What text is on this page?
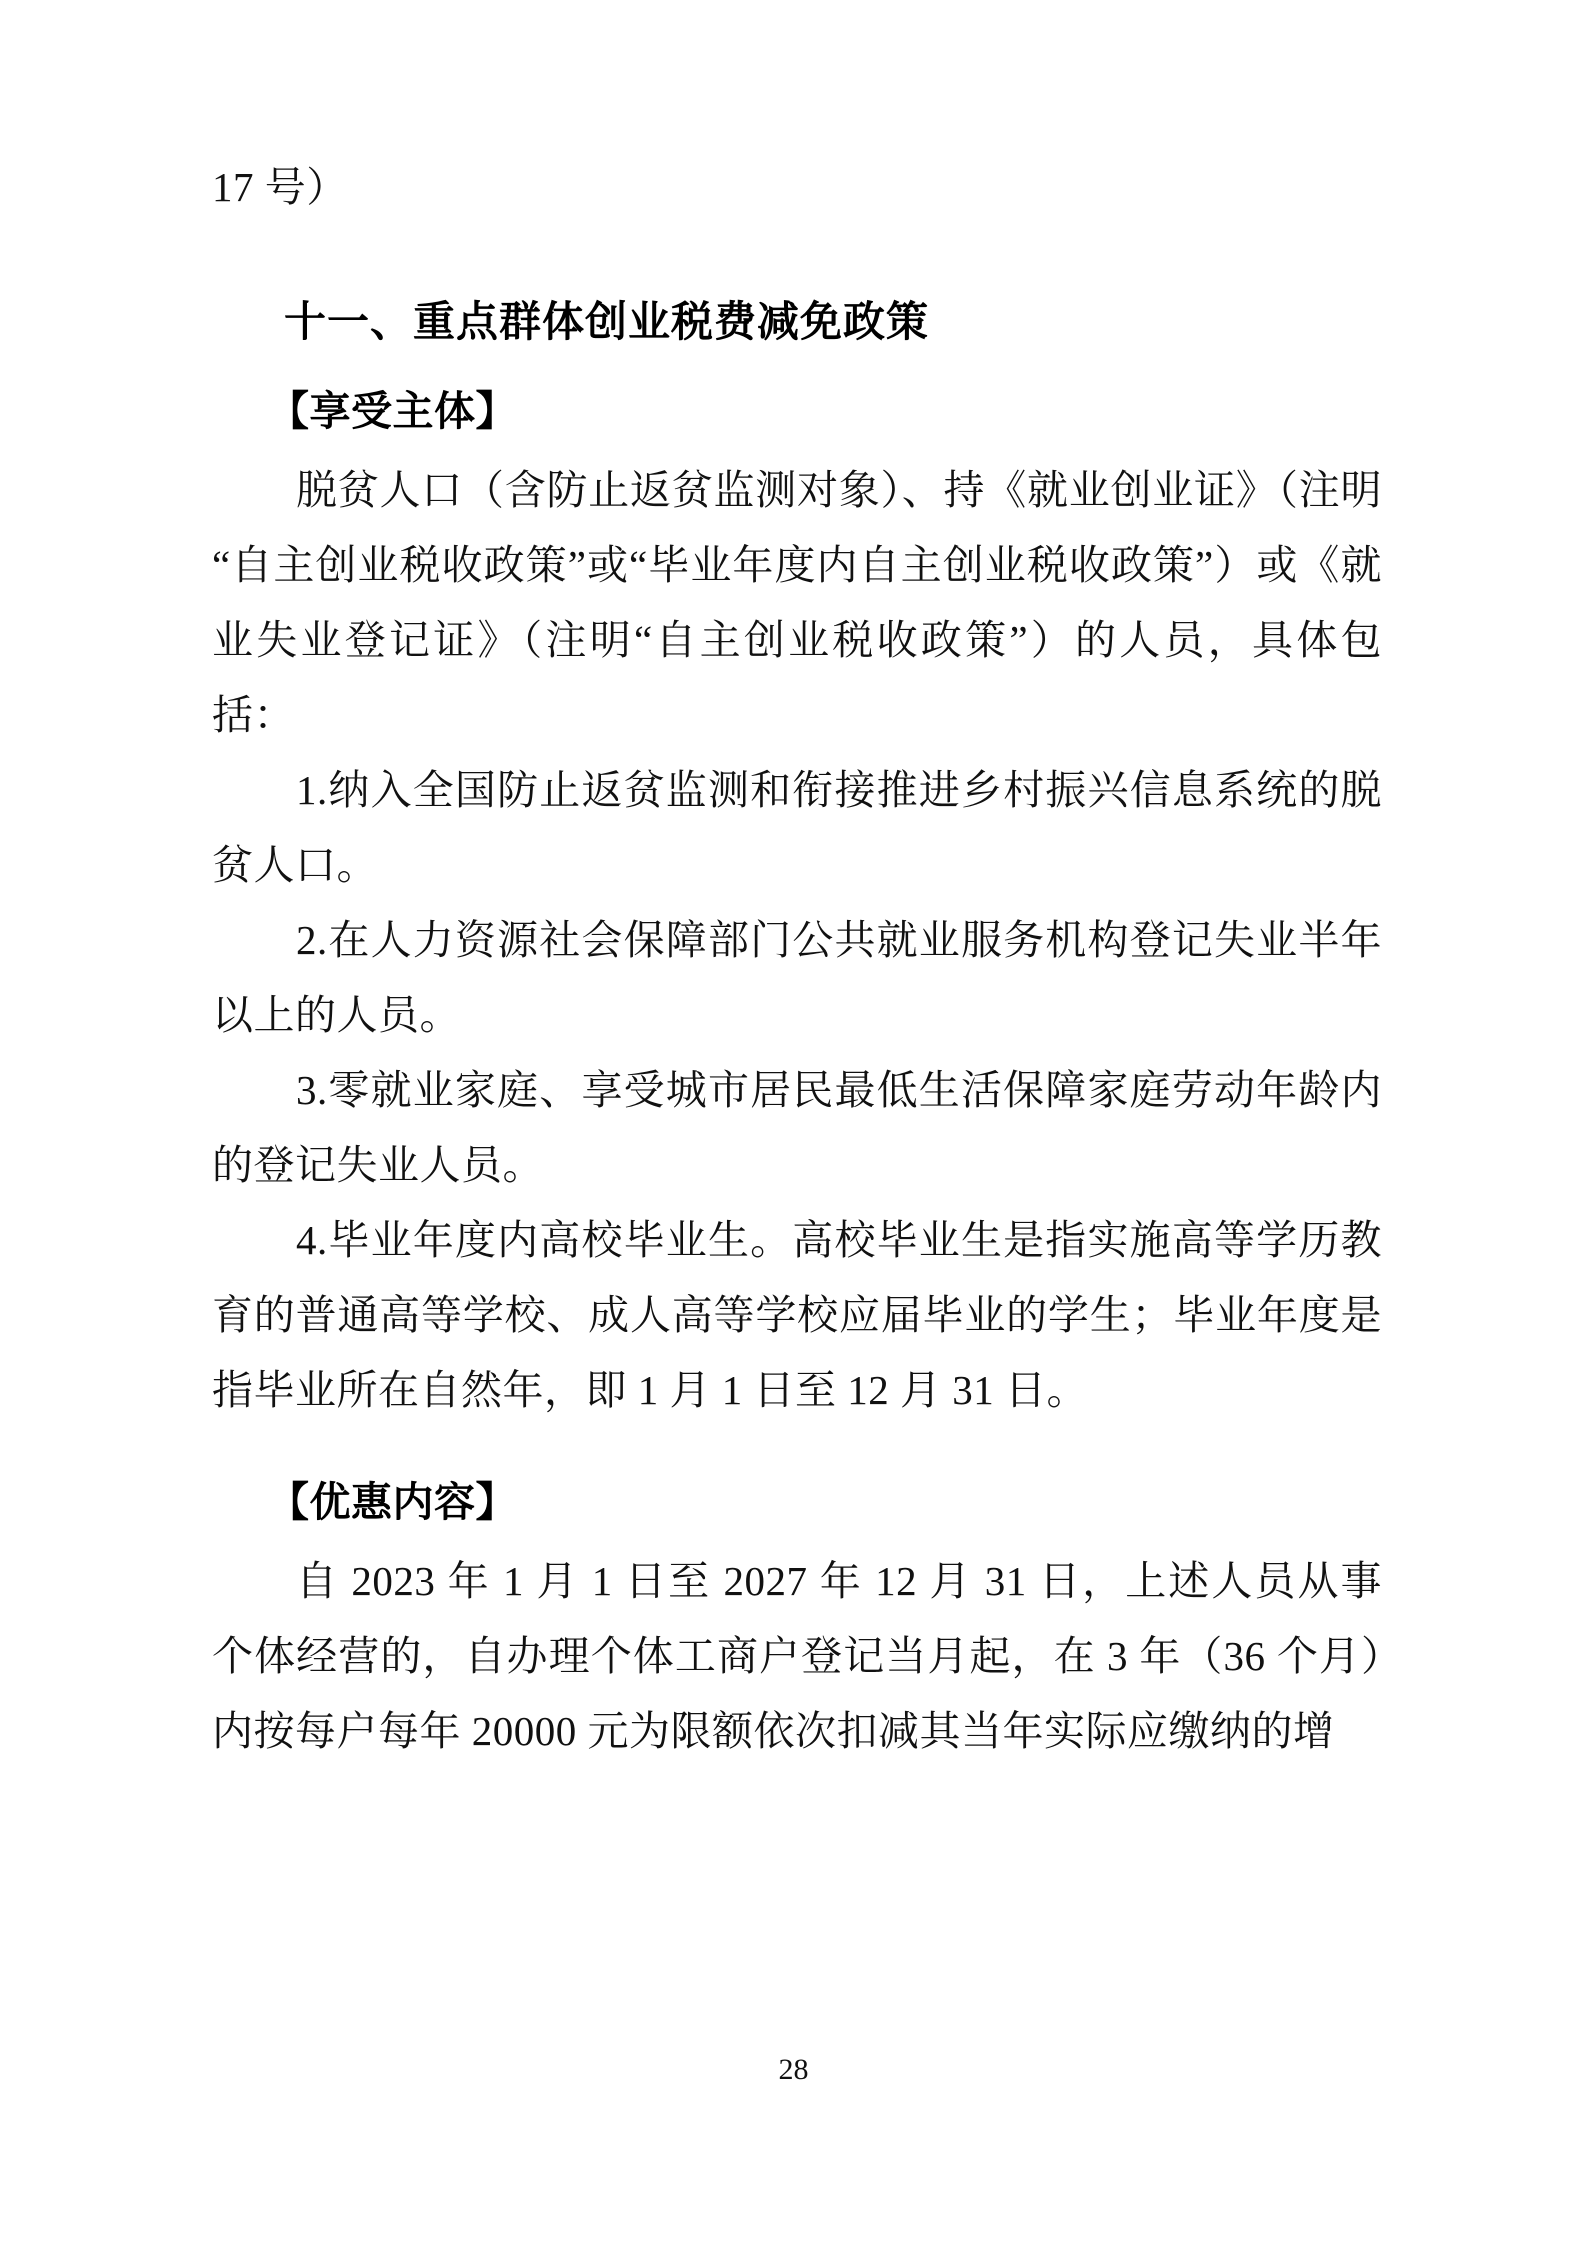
17 号）

十一、重点群体创业税费减免政策
【享受主体】

脱贫人口（含防止返贫监测对象）、持《就业创业证》（注明“自主创业税收政策”或“毕业年度内自主创业税收政策”）或《就业失业登记证》（注明“自主创业税收政策”）的人员，具体包括：

1.纳入全国防止返贫监测和衔接推进乡村振兴信息系统的脱贫人口。

2.在人力资源社会保障部门公共就业服务机构登记失业半年以上的人员。

3.零就业家庭、享受城市居民最低生活保障家庭劳动年龄内的登记失业人员。

4.毕业年度内高校毕业生。高校毕业生是指实施高等学历教育的普通高等学校、成人高等学校应届毕业的学生；毕业年度是指毕业所在自然年，即 1 月 1 日至 12 月 31 日。

【优惠内容】

自 2023 年 1 月 1 日至 2027 年 12 月 31 日，上述人员从事个体经营的，自办理个体工商户登记当月起，在 3 年（36 个月）内按每户每年 20000 元为限额依次扣减其当年实际应缴纳的增

28
